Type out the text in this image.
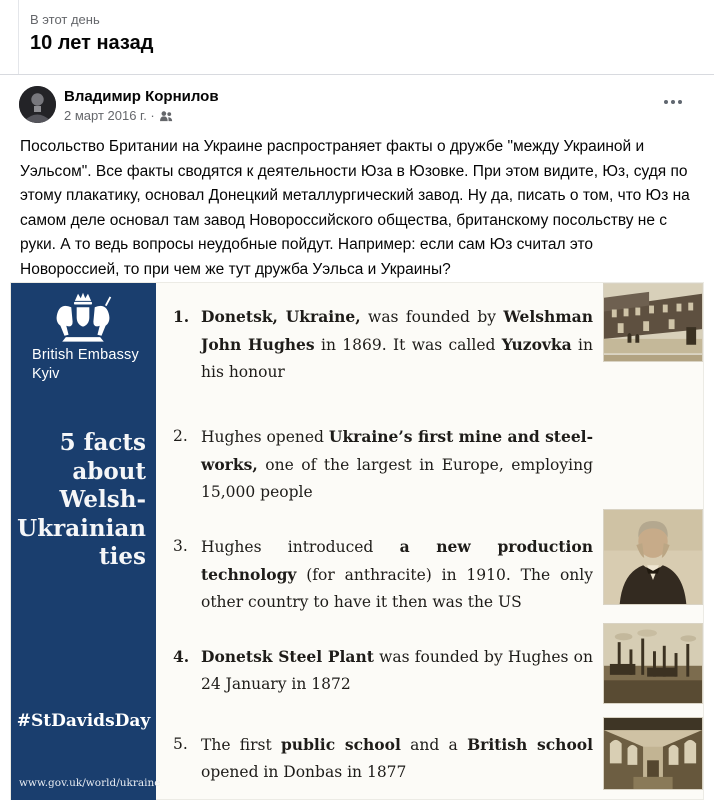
В этот день
10 лет назад
Владимир Корнилов
2 март 2016 г. ·
Посольство Британии на Украине распространяет факты о дружбе "между Украиной и Уэльсом". Все факты сводятся к деятельности Юза в Юзовке. При этом видите, Юз, судя по этому плакатику, основал Донецкий металлургический завод. Ну да, писать о том, что Юз на самом деле основал там завод Новороссийского общества, британскому посольству не с руки. А то ведь вопросы неудобные пойдут. Например: если сам Юз считал это Новороссией, то при чем же тут дружба Уэльса и Украины?
British Embassy
Kyiv
5 facts
about
Welsh-
Ukrainian
ties
#StDavidsDay
www.gov.uk/world/ukraine
1. Donetsk, Ukraine, was founded by Welshman John Hughes in 1869. It was called Yuzovka in his honour
2. Hughes opened Ukraine’s first mine and steel-works, one of the largest in Europe, employing 15,000 people
3. Hughes introduced a new production technology (for anthracite) in 1910. The only other country to have it then was the US
4. Donetsk Steel Plant was founded by Hughes on 24 January in 1872
5. The first public school and a British school opened in Donbas in 1877
